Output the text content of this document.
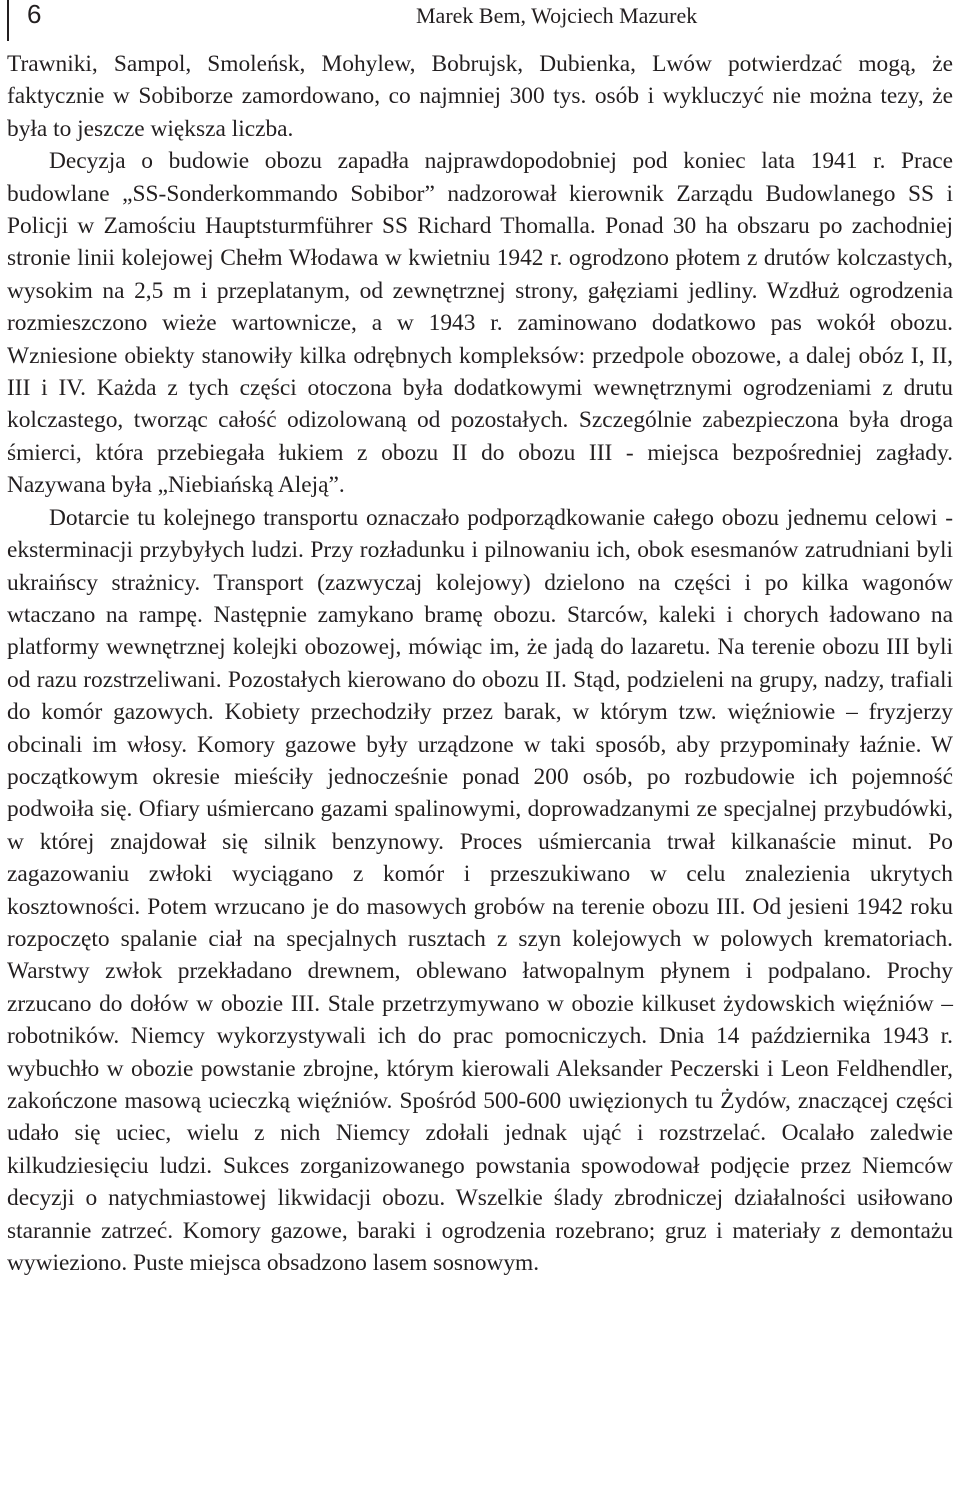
6	Marek Bem, Wojciech Mazurek

Trawniki, Sampol, Smoleńsk, Mohylew, Bobrujsk, Dubienka, Lwów potwierdzać mogą, że faktycznie w Sobiborze zamordowano, co najmniej 300 tys. osób i wykluczyć nie można tezy, że była to jeszcze większa liczba.

Decyzja o budowie obozu zapadła najprawdopodobniej pod koniec lata 1941 r. Prace budowlane „SS-Sonderkommando Sobibor” nadzorował kierownik Zarządu Budowlanego SS i Policji w Zamościu Hauptsturmführer SS Richard Thomalla. Ponad 30 ha obszaru po zachodniej stronie linii kolejowej Chełm Włodawa w kwietniu 1942 r. ogrodzono płotem z drutów kolczastych, wysokim na 2,5 m i przeplatanym, od zewnętrznej strony, gałęziami jedliny. Wzdłuż ogrodzenia rozmieszczono wieże wartownicze, a w 1943 r. zaminowano dodatkowo pas wokół obozu. Wzniesione obiekty stanowiły kilka odrębnych kompleksów: przedpole obozowe, a dalej obóz I, II, III i IV. Każda z tych części otoczona była dodatkowymi wewnętrznymi ogrodzeniami z drutu kolczastego, tworząc całość odizolowaną od pozostałych. Szczególnie zabezpieczona była droga śmierci, która przebiegała łukiem z obozu II do obozu III - miejsca bezpośredniej zagłady. Nazywana była „Niebiańską Aleją”.

Dotarcie tu kolejnego transportu oznaczało podporządkowanie całego obozu jednemu celowi - eksterminacji przybyłych ludzi. Przy rozładunku i pilnowaniu ich, obok esesmanów zatrudniani byli ukraińscy strażnicy. Transport (zazwyczaj kolejowy) dzielono na części i po kilka wagonów wtaczano na rampę. Następnie zamykano bramę obozu. Starców, kaleki i chorych ładowano na platformy wewnętrznej kolejki obozowej, mówiąc im, że jadą do lazaretu. Na terenie obozu III byli od razu rozstrzeliwani. Pozostałych kierowano do obozu II. Stąd, podzieleni na grupy, nadzy, trafiali do komór gazowych. Kobiety przechodziły przez barak, w którym tzw. więźniowie – fryzjerzy obcinali im włosy. Komory gazowe były urządzone w taki sposób, aby przypominały łaźnie. W początkowym okresie mieściły jednocześnie ponad 200 osób, po rozbudowie ich pojemność podwoiła się. Ofiary uśmiercano gazami spalinowymi, doprowadzanymi ze specjalnej przybudówki, w której znajdował się silnik benzynowy. Proces uśmiercania trwał kilkanaście minut. Po zagazowaniu zwłoki wyciągano z komór i przeszukiwano w celu znalezienia ukrytych kosztowności. Potem wrzucano je do masowych grobów na terenie obozu III. Od jesieni 1942 roku rozpoczęto spalanie ciał na specjalnych rusztach z szyn kolejowych w polowych krematoriach. Warstwy zwłok przekładano drewnem, oblewano łatwopalnym płynem i podpalano. Prochy zrzucano do dołów w obozie III. Stale przetrzymywano w obozie kilkuset żydowskich więźniów – robotników. Niemcy wykorzystywali ich do prac pomocniczych. Dnia 14 października 1943 r. wybuchło w obozie powstanie zbrojne, którym kierowali Aleksander Peczerski i Leon Feldhendler, zakończone masową ucieczką więźniów. Spośród 500-600 uwięzionych tu Żydów, znaczącej części udało się uciec, wielu z nich Niemcy zdołali jednak ująć i rozstrzelać. Ocalało zaledwie kilkudziesięciu ludzi. Sukces zorganizowanego powstania spowodował podjęcie przez Niemców decyzji o natychmiastowej likwidacji obozu. Wszelkie ślady zbrodniczej działalności usiłowano starannie zatrzeć. Komory gazowe, baraki i ogrodzenia rozebrano; gruz i materiały z demontażu wywieziono. Puste miejsca obsadzono lasem sosnowym.
